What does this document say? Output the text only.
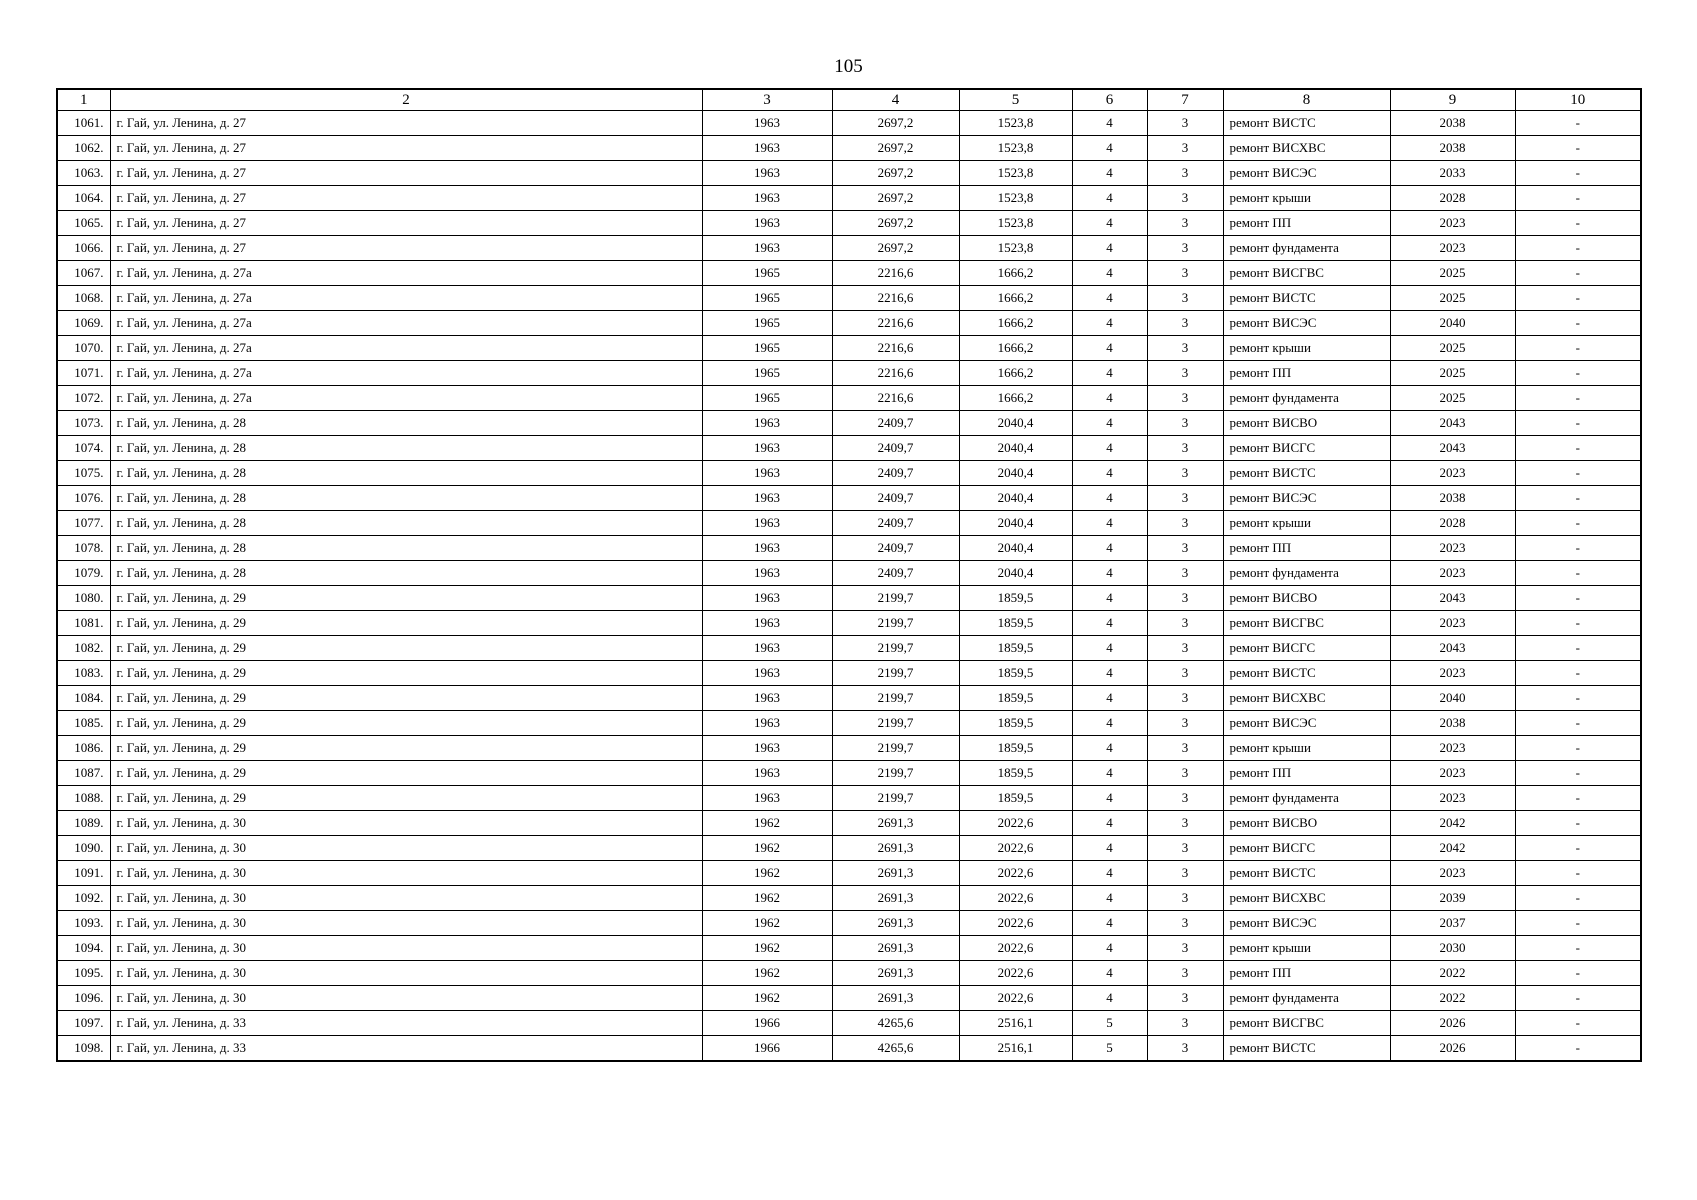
105
1	2	3	4	5	6	7	8	9	10
1061.	г. Гай, ул. Ленина, д. 27	1963	2697,2	1523,8	4	3	ремонт ВИСТС	2038	-
1062.	г. Гай, ул. Ленина, д. 27	1963	2697,2	1523,8	4	3	ремонт ВИСХВС	2038	-
1063.	г. Гай, ул. Ленина, д. 27	1963	2697,2	1523,8	4	3	ремонт ВИСЭС	2033	-
1064.	г. Гай, ул. Ленина, д. 27	1963	2697,2	1523,8	4	3	ремонт крыши	2028	-
1065.	г. Гай, ул. Ленина, д. 27	1963	2697,2	1523,8	4	3	ремонт ПП	2023	-
1066.	г. Гай, ул. Ленина, д. 27	1963	2697,2	1523,8	4	3	ремонт фундамента	2023	-
1067.	г. Гай, ул. Ленина, д. 27а	1965	2216,6	1666,2	4	3	ремонт ВИСГВС	2025	-
1068.	г. Гай, ул. Ленина, д. 27а	1965	2216,6	1666,2	4	3	ремонт ВИСТС	2025	-
1069.	г. Гай, ул. Ленина, д. 27а	1965	2216,6	1666,2	4	3	ремонт ВИСЭС	2040	-
1070.	г. Гай, ул. Ленина, д. 27а	1965	2216,6	1666,2	4	3	ремонт крыши	2025	-
1071.	г. Гай, ул. Ленина, д. 27а	1965	2216,6	1666,2	4	3	ремонт ПП	2025	-
1072.	г. Гай, ул. Ленина, д. 27а	1965	2216,6	1666,2	4	3	ремонт фундамента	2025	-
1073.	г. Гай, ул. Ленина, д. 28	1963	2409,7	2040,4	4	3	ремонт ВИСВО	2043	-
1074.	г. Гай, ул. Ленина, д. 28	1963	2409,7	2040,4	4	3	ремонт ВИСГС	2043	-
1075.	г. Гай, ул. Ленина, д. 28	1963	2409,7	2040,4	4	3	ремонт ВИСТС	2023	-
1076.	г. Гай, ул. Ленина, д. 28	1963	2409,7	2040,4	4	3	ремонт ВИСЭС	2038	-
1077.	г. Гай, ул. Ленина, д. 28	1963	2409,7	2040,4	4	3	ремонт крыши	2028	-
1078.	г. Гай, ул. Ленина, д. 28	1963	2409,7	2040,4	4	3	ремонт ПП	2023	-
1079.	г. Гай, ул. Ленина, д. 28	1963	2409,7	2040,4	4	3	ремонт фундамента	2023	-
1080.	г. Гай, ул. Ленина, д. 29	1963	2199,7	1859,5	4	3	ремонт ВИСВО	2043	-
1081.	г. Гай, ул. Ленина, д. 29	1963	2199,7	1859,5	4	3	ремонт ВИСГВС	2023	-
1082.	г. Гай, ул. Ленина, д. 29	1963	2199,7	1859,5	4	3	ремонт ВИСГС	2043	-
1083.	г. Гай, ул. Ленина, д. 29	1963	2199,7	1859,5	4	3	ремонт ВИСТС	2023	-
1084.	г. Гай, ул. Ленина, д. 29	1963	2199,7	1859,5	4	3	ремонт ВИСХВС	2040	-
1085.	г. Гай, ул. Ленина, д. 29	1963	2199,7	1859,5	4	3	ремонт ВИСЭС	2038	-
1086.	г. Гай, ул. Ленина, д. 29	1963	2199,7	1859,5	4	3	ремонт крыши	2023	-
1087.	г. Гай, ул. Ленина, д. 29	1963	2199,7	1859,5	4	3	ремонт ПП	2023	-
1088.	г. Гай, ул. Ленина, д. 29	1963	2199,7	1859,5	4	3	ремонт фундамента	2023	-
1089.	г. Гай, ул. Ленина, д. 30	1962	2691,3	2022,6	4	3	ремонт ВИСВО	2042	-
1090.	г. Гай, ул. Ленина, д. 30	1962	2691,3	2022,6	4	3	ремонт ВИСГС	2042	-
1091.	г. Гай, ул. Ленина, д. 30	1962	2691,3	2022,6	4	3	ремонт ВИСТС	2023	-
1092.	г. Гай, ул. Ленина, д. 30	1962	2691,3	2022,6	4	3	ремонт ВИСХВС	2039	-
1093.	г. Гай, ул. Ленина, д. 30	1962	2691,3	2022,6	4	3	ремонт ВИСЭС	2037	-
1094.	г. Гай, ул. Ленина, д. 30	1962	2691,3	2022,6	4	3	ремонт крыши	2030	-
1095.	г. Гай, ул. Ленина, д. 30	1962	2691,3	2022,6	4	3	ремонт ПП	2022	-
1096.	г. Гай, ул. Ленина, д. 30	1962	2691,3	2022,6	4	3	ремонт фундамента	2022	-
1097.	г. Гай, ул. Ленина, д. 33	1966	4265,6	2516,1	5	3	ремонт ВИСГВС	2026	-
1098.	г. Гай, ул. Ленина, д. 33	1966	4265,6	2516,1	5	3	ремонт ВИСТС	2026	-
